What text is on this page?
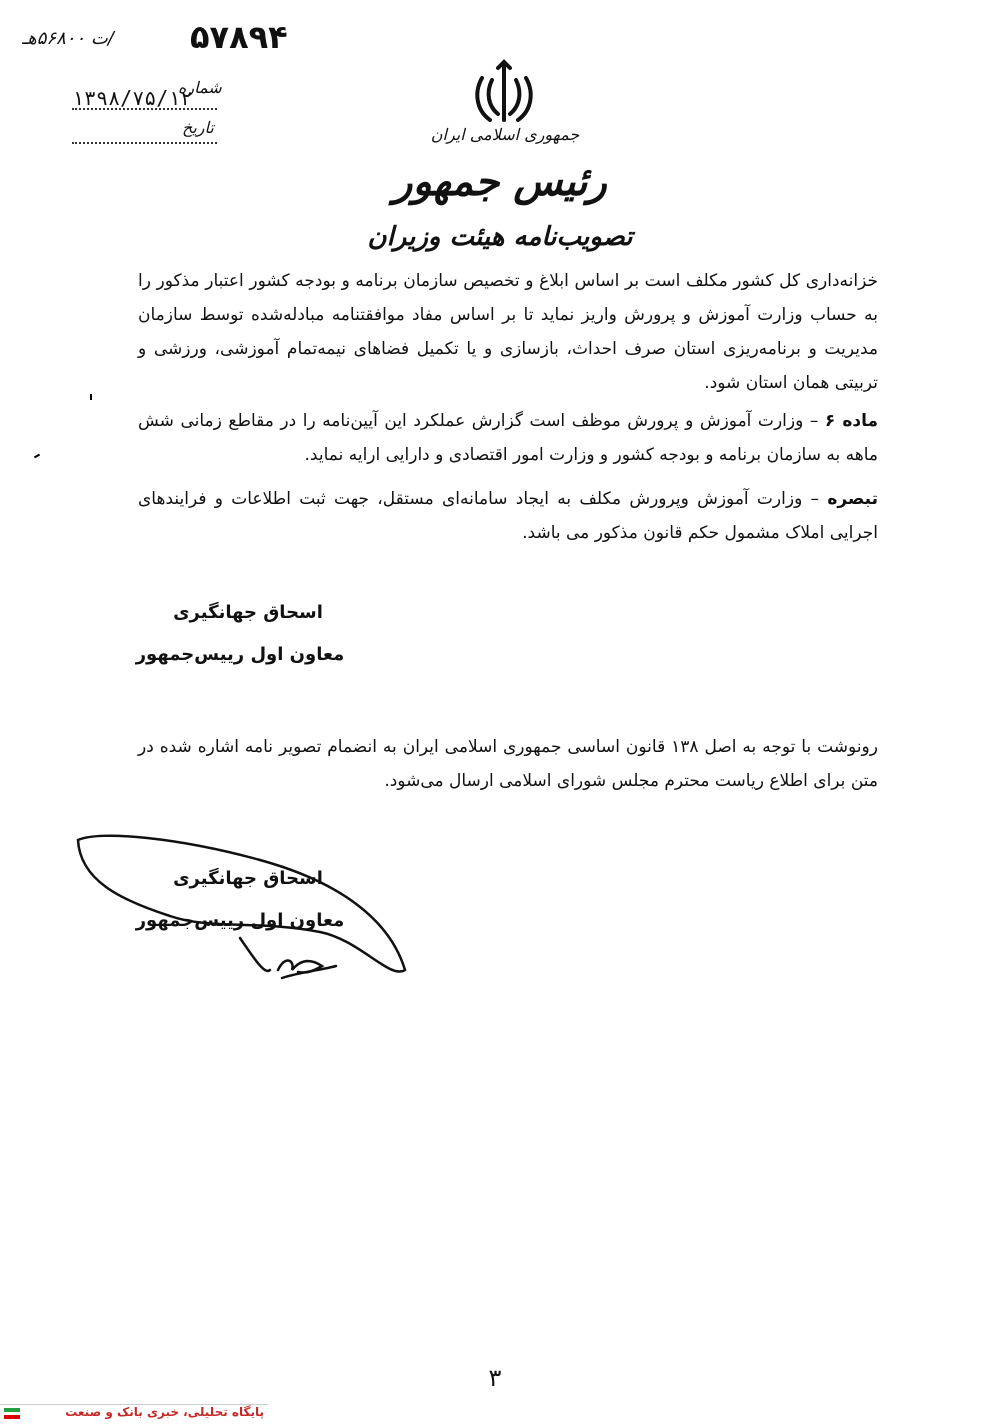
/ت ۵۶۸۰۰هـ ۵۷۸۹۴
شماره
۱۳۹۸/۷۵/۱۲
تاریخ	جمهوری اسلامی ایران
رئیس جمهور
تصویب‌نامه هیئت وزیران
خزانه‌داری کل کشور مکلف است بر اساس ابلاغ و تخصیص سازمان برنامه و بودجه کشور اعتبار مذکور را به حساب وزارت آموزش و پرورش واریز نماید تا بر اساس مفاد موافقتنامه مبادله‌شده توسط سازمان مدیریت و برنامه‌ریزی استان صرف احداث، بازسازی و یا تکمیل فضاهای نیمه‌تمام آموزشی، ورزشی و تربیتی همان استان شود.
ماده ۶ – وزارت آموزش و پرورش موظف است گزارش عملکرد این آیین‌نامه را در مقاطع زمانی شش ماهه به سازمان برنامه و بودجه کشور و وزارت امور اقتصادی و دارایی ارایه نماید.
تبصره – وزارت آموزش وپرورش مکلف به ایجاد سامانه‌ای مستقل، جهت ثبت اطلاعات و فرایندهای اجرایی املاک مشمول حکم قانون مذکور می باشد.
اسحاق جهانگیری
معاون اول رییس‌جمهور
رونوشت با توجه به اصل ۱۳۸ قانون اساسی جمهوری اسلامی ایران به انضمام تصویر نامه اشاره شده در متن برای اطلاع ریاست محترم مجلس شورای اسلامی ارسال می‌شود.
اسحاق جهانگیری
معاون اول رییس‌جمهور
۳
پایگاه تحلیلی، خبری بانک و صنعت
